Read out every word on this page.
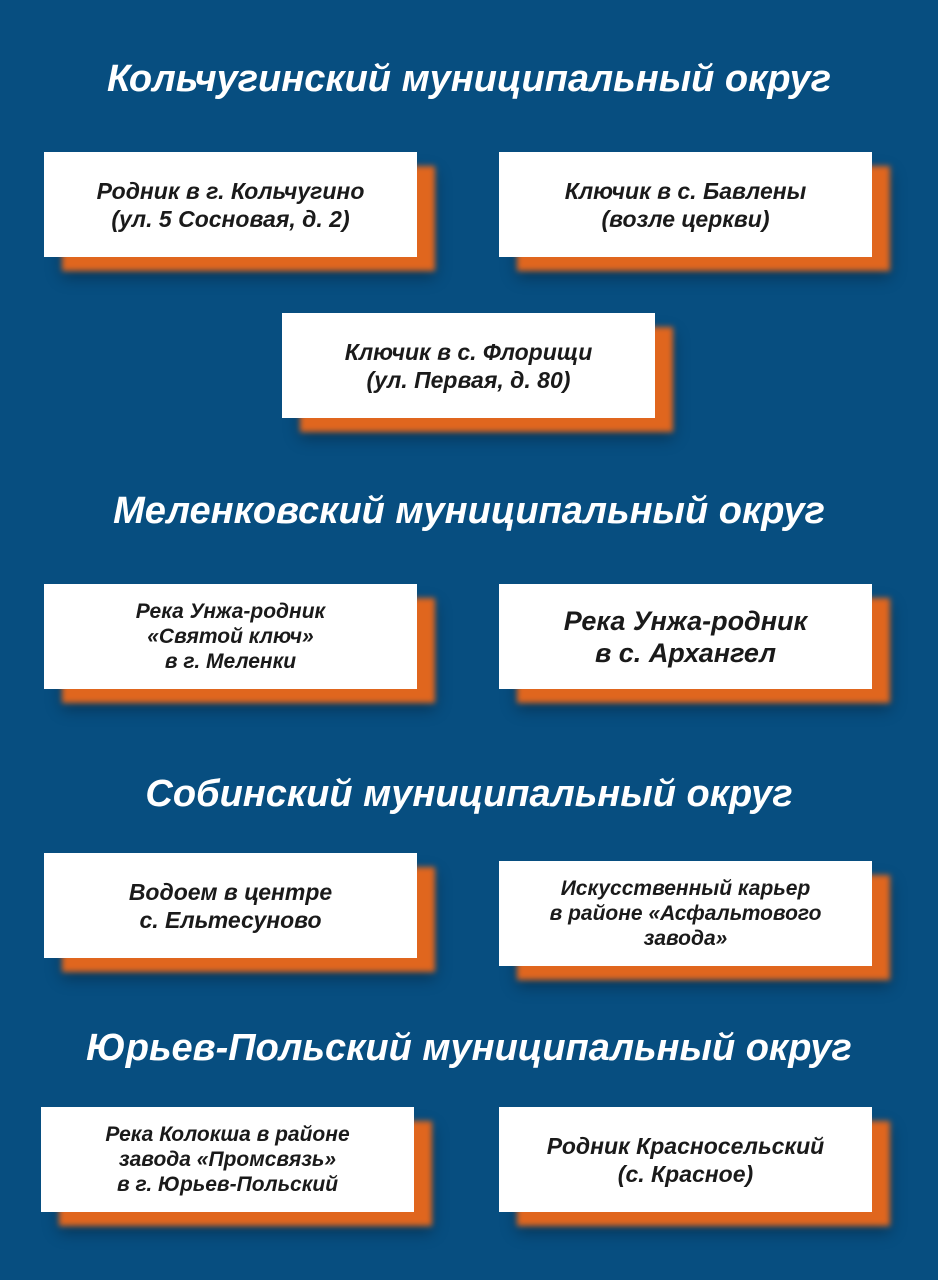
Кольчугинский муниципальный округ
Родник в г. Кольчугино
(ул. 5 Сосновая, д. 2)
Ключик в с. Бавлены
(возле церкви)
Ключик в с. Флорищи
(ул. Первая, д. 80)
Меленковский муниципальный округ
Река Унжа-родник
«Святой ключ»
в г. Меленки
Река Унжа-родник
в с. Архангел
Собинский муниципальный округ
Водоем в центре
с. Ельтесуново
Искусственный карьер
в районе «Асфальтового
завода»
Юрьев-Польский муниципальный округ
Река Колокша в районе
завода «Промсвязь»
в г. Юрьев-Польский
Родник Красносельский
(с. Красное)
